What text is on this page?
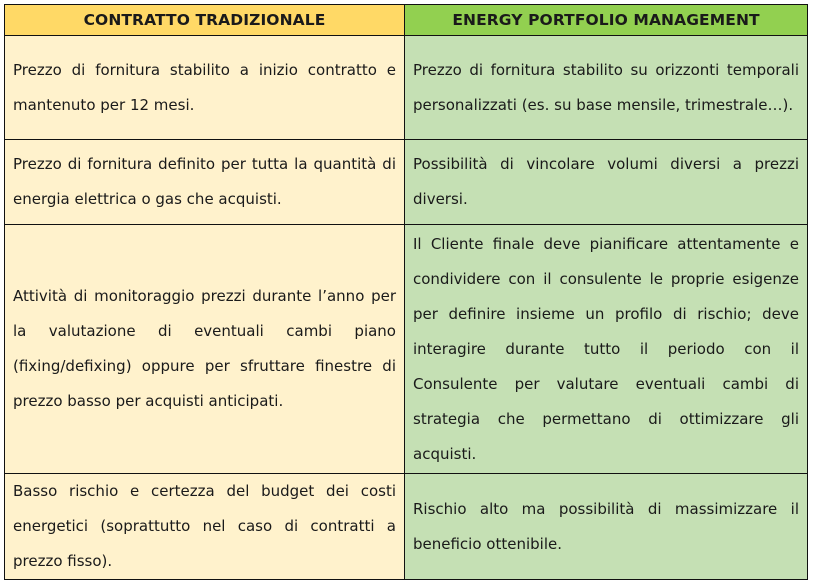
CONTRATTO TRADIZIONALE	ENERGY PORTFOLIO MANAGEMENT

Prezzo di fornitura stabilito a inizio contratto e mantenuto per 12 mesi.	Prezzo di fornitura stabilito su orizzonti temporali personalizzati (es. su base mensile, trimestrale…).

Prezzo di fornitura definito per tutta la quantità di energia elettrica o gas che acquisti.	Possibilità di vincolare volumi diversi a prezzi diversi.

Attività di monitoraggio prezzi durante l’anno per la valutazione di eventuali cambi piano (fixing/defixing) oppure per sfruttare finestre di prezzo basso per acquisti anticipati.	Il Cliente finale deve pianificare attentamente e condividere con il consulente le proprie esigenze per definire insieme un profilo di rischio; deve interagire durante tutto il periodo con il Consulente per valutare eventuali cambi di strategia che permettano di ottimizzare gli acquisti.

Basso rischio e certezza del budget dei costi energetici (soprattutto nel caso di contratti a prezzo fisso).	Rischio alto ma possibilità di massimizzare il beneficio ottenibile.
